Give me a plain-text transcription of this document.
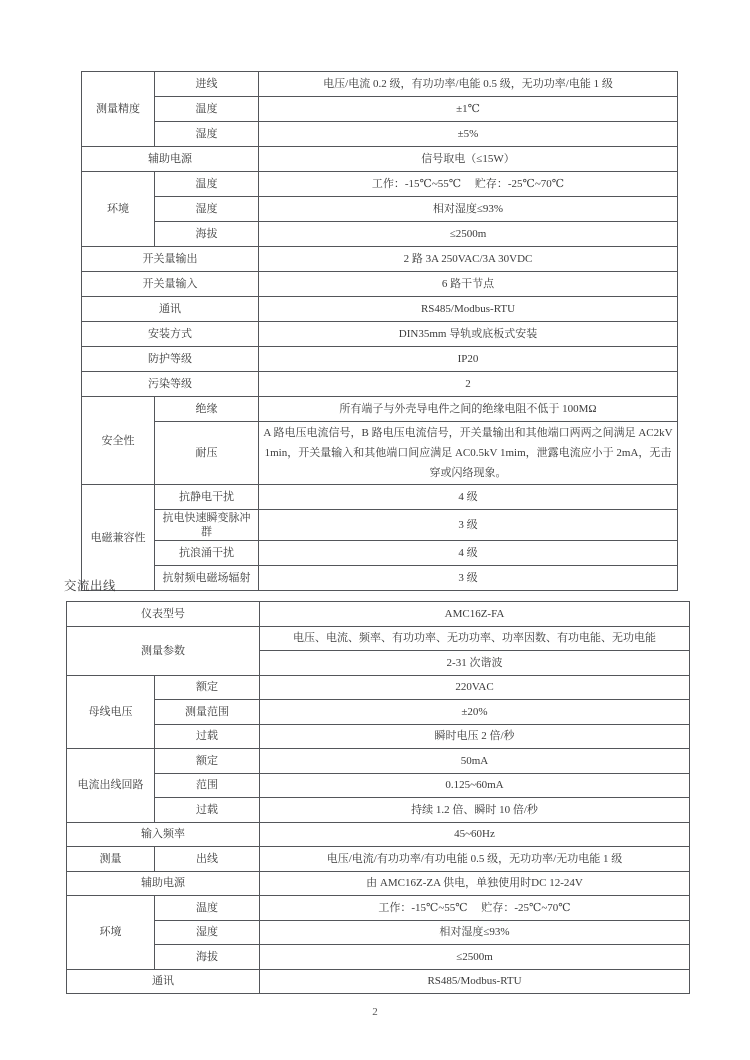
测量精度	进线	电压/电流 0.2 级，有功功率/电能 0.5 级，无功功率/电能 1 级
	温度	±1℃
	湿度	±5%
辅助电源		信号取电（≤15W）
环境	温度	工作：-15℃~55℃　 贮存：-25℃~70℃
	湿度	相对湿度≤93%
	海拔	≤2500m
开关量输出		2 路 3A 250VAC/3A 30VDC
开关量输入		6 路干节点
通讯		RS485/Modbus-RTU
安装方式		DIN35mm 导轨或底板式安装
防护等级		IP20
污染等级		2
安全性	绝缘	所有端子与外壳导电件之间的绝缘电阻不低于 100MΩ
	耐压	A 路电压电流信号，B 路电压电流信号，开关量输出和其他端口两两之间满足 AC2kV 1min，开关量输入和其他端口间应满足 AC0.5kV 1mim，泄露电流应小于 2mA，无击穿或闪络现象。
电磁兼容性	抗静电干扰	4 级
	抗电快速瞬变脉冲群	3 级
	抗浪涌干扰	4 级
	抗射频电磁场辐射	3 级
交流出线
仪表型号		AMC16Z-FA
测量参数		电压、电流、频率、有功功率、无功功率、功率因数、有功电能、无功电能
		2-31 次谐波
母线电压	额定	220VAC
	测量范围	±20%
	过载	瞬时电压 2 倍/秒
电流出线回路	额定	50mA
	范围	0.125~60mA
	过载	持续 1.2 倍、瞬时 10 倍/秒
输入频率		45~60Hz
测量	出线	电压/电流/有功功率/有功电能 0.5 级，无功功率/无功电能 1 级
辅助电源		由 AMC16Z-ZA 供电，单独使用时DC 12-24V
环境	温度	工作：-15℃~55℃　 贮存：-25℃~70℃
	湿度	相对湿度≤93%
	海拔	≤2500m
通讯		RS485/Modbus-RTU
2
